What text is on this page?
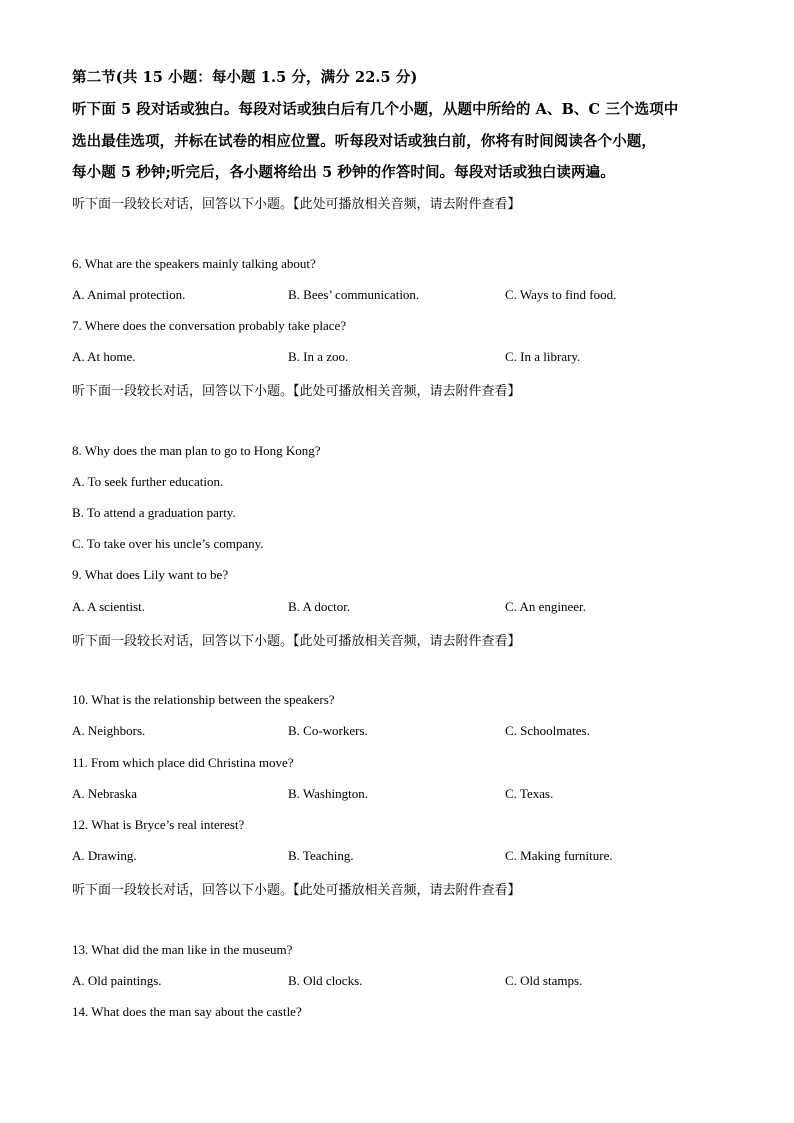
第二节(共 15 小题：每小题 1.5 分，满分 22.5 分)
听下面 5 段对话或独白。每段对话或独白后有几个小题，从题中所给的 A、B、C 三个选项中
选出最佳选项，并标在试卷的相应位置。听每段对话或独白前，你将有时间阅读各个小题，
每小题 5 秒钟;听完后，各小题将给出 5 秒钟的作答时间。每段对话或独白读两遍。
听下面一段较长对话，回答以下小题。【此处可播放相关音频，请去附件查看】
6. What are the speakers mainly talking about?
A. Animal protection.	B. Bees’ communication.	C. Ways to find food.
7. Where does the conversation probably take place?
A. At home.	B. In a zoo.	C. In a library.
听下面一段较长对话，回答以下小题。【此处可播放相关音频，请去附件查看】
8. Why does the man plan to go to Hong Kong?
A. To seek further education.
B. To attend a graduation party.
C. To take over his uncle’s company.
9. What does Lily want to be?
A. A scientist.	B. A doctor.	C. An engineer.
听下面一段较长对话，回答以下小题。【此处可播放相关音频，请去附件查看】
10. What is the relationship between the speakers?
A. Neighbors.	B. Co-workers.	C. Schoolmates.
11. From which place did Christina move?
A. Nebraska	B. Washington.	C. Texas.
12. What is Bryce’s real interest?
A. Drawing.	B. Teaching.	C. Making furniture.
听下面一段较长对话，回答以下小题。【此处可播放相关音频，请去附件查看】
13. What did the man like in the museum?
A. Old paintings.	B. Old clocks.	C. Old stamps.
14. What does the man say about the castle?
